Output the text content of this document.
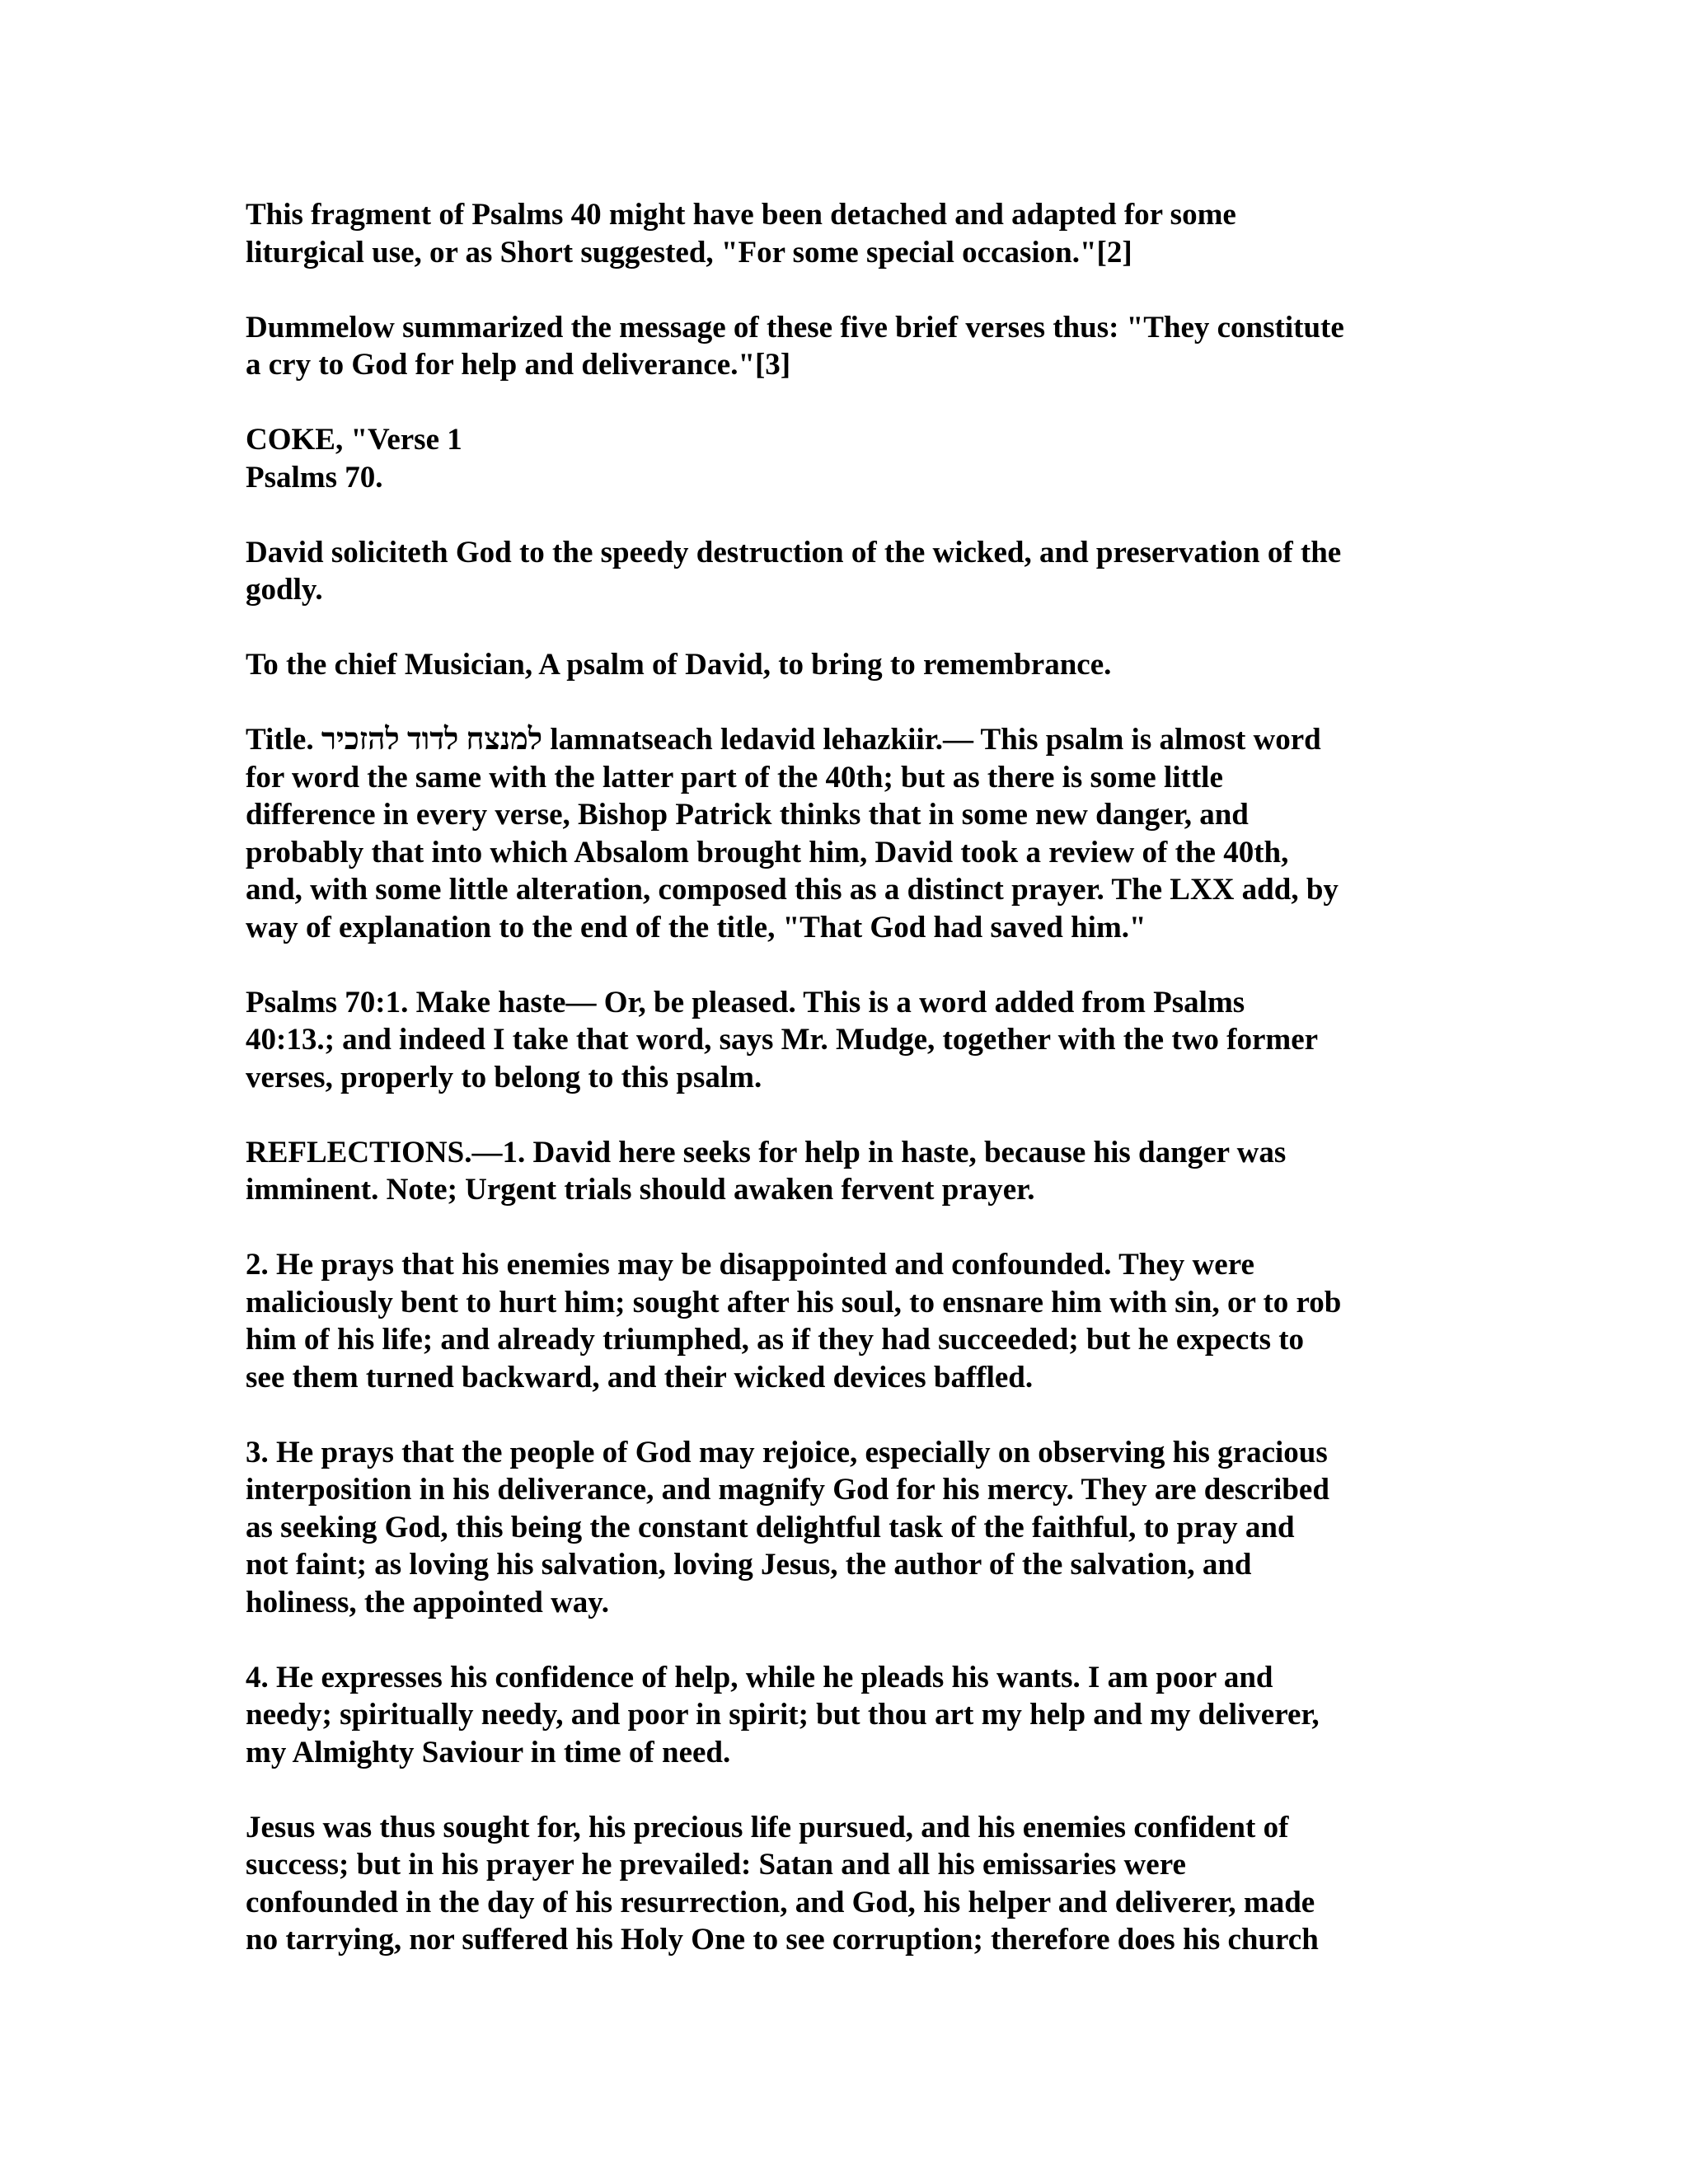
This fragment of Psalms 40 might have been detached and adapted for some
liturgical use, or as Short suggested, "For some special occasion."[2]

Dummelow summarized the message of these five brief verses thus: "They constitute
a cry to God for help and deliverance."[3]

COKE, "Verse 1
Psalms 70.

David soliciteth God to the speedy destruction of the wicked, and preservation of the
godly.

To the chief Musician, A psalm of David, to bring to remembrance.

Title. למנצח לדוד להזכיר lamnatseach ledavid lehazkiir.— This psalm is almost word
for word the same with the latter part of the 40th; but as there is some little
difference in every verse, Bishop Patrick thinks that in some new danger, and
probably that into which Absalom brought him, David took a review of the 40th,
and, with some little alteration, composed this as a distinct prayer. The LXX add, by
way of explanation to the end of the title, "That God had saved him."

Psalms 70:1. Make haste— Or, be pleased. This is a word added from Psalms
40:13.; and indeed I take that word, says Mr. Mudge, together with the two former
verses, properly to belong to this psalm.

REFLECTIONS.—1. David here seeks for help in haste, because his danger was
imminent. Note; Urgent trials should awaken fervent prayer.

2. He prays that his enemies may be disappointed and confounded. They were
maliciously bent to hurt him; sought after his soul, to ensnare him with sin, or to rob
him of his life; and already triumphed, as if they had succeeded; but he expects to
see them turned backward, and their wicked devices baffled.

3. He prays that the people of God may rejoice, especially on observing his gracious
interposition in his deliverance, and magnify God for his mercy. They are described
as seeking God, this being the constant delightful task of the faithful, to pray and
not faint; as loving his salvation, loving Jesus, the author of the salvation, and
holiness, the appointed way.

4. He expresses his confidence of help, while he pleads his wants. I am poor and
needy; spiritually needy, and poor in spirit; but thou art my help and my deliverer,
my Almighty Saviour in time of need.

Jesus was thus sought for, his precious life pursued, and his enemies confident of
success; but in his prayer he prevailed: Satan and all his emissaries were
confounded in the day of his resurrection, and God, his helper and deliverer, made
no tarrying, nor suffered his Holy One to see corruption; therefore does his church
